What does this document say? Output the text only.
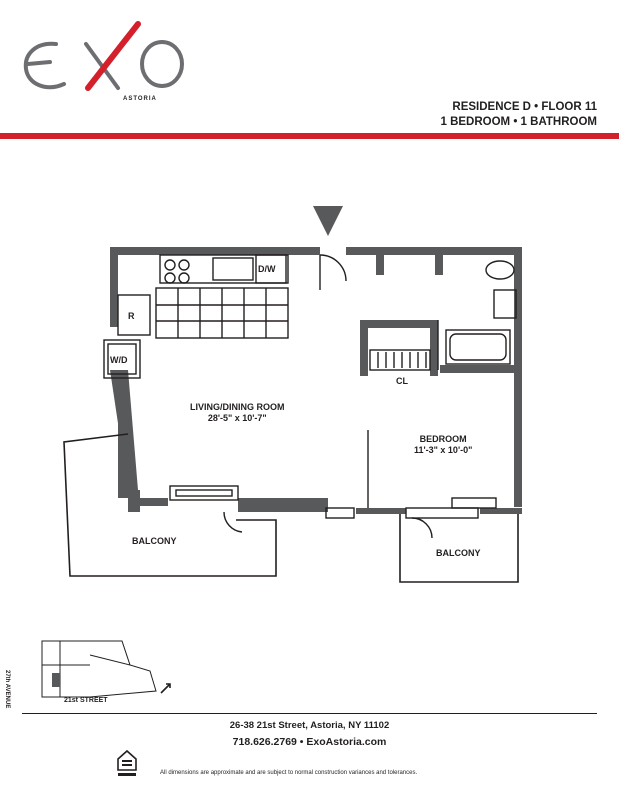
ASTORIA
RESIDENCE D • FLOOR 11
1 BEDROOM • 1 BATHROOM
D/W
R
W/D
CL
LIVING/DINING ROOM
28'-5" x 10'-7"
BEDROOM
11'-3" x 10'-0"
BALCONY
BALCONY
27th AVENUE	21st STREET
26-38 21st Street, Astoria, NY 11102
718.626.2769 • ExoAstoria.com
All dimensions are approximate and are subject to normal construction variances and tolerances.
